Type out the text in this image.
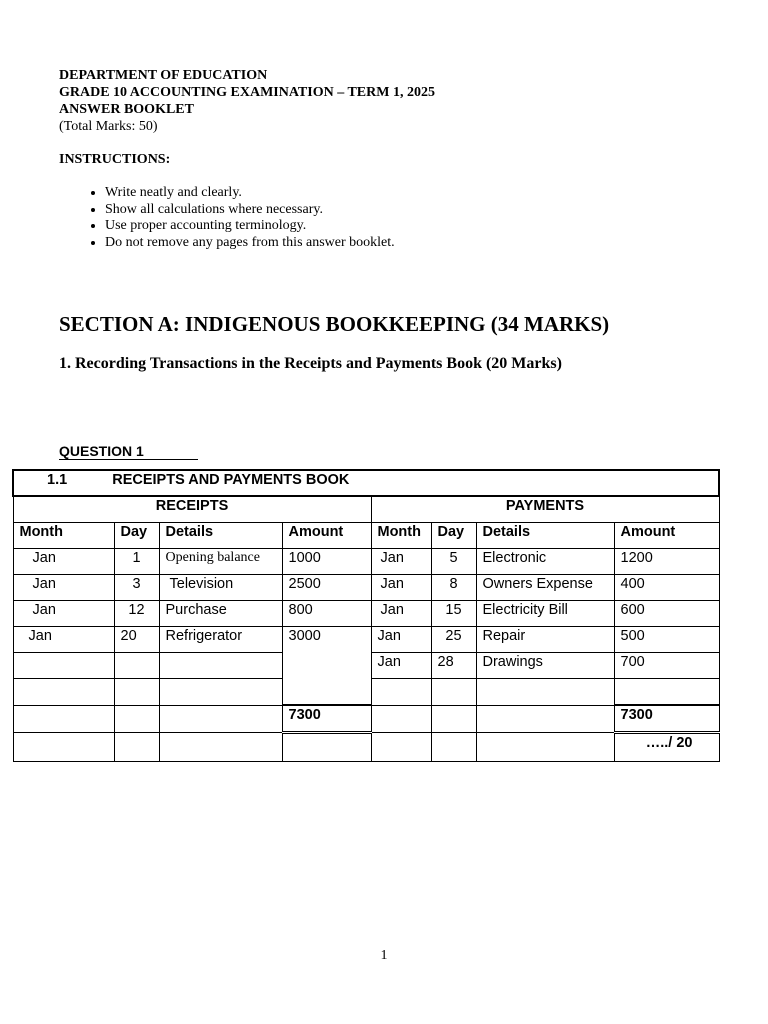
DEPARTMENT OF EDUCATION
GRADE 10 ACCOUNTING EXAMINATION – TERM 1, 2025
ANSWER BOOKLET
(Total Marks: 50)
INSTRUCTIONS:
• Write neatly and clearly.
• Show all calculations where necessary.
• Use proper accounting terminology.
• Do not remove any pages from this answer booklet.
SECTION A: INDIGENOUS BOOKKEEPING (34 MARKS)
1. Recording Transactions in the Receipts and Payments Book (20 Marks)
QUESTION 1
1.1 RECEIPTS AND PAYMENTS BOOK							
RECEIPTS				PAYMENTS			
Month	Day	Details	Amount	Month	Day	Details	Amount
Jan	1	Opening balance	1000	Jan	5	Electronic	1200
Jan	3	Television	2500	Jan	8	Owners Expense	400
Jan	12	Purchase	800	Jan	15	Electricity Bill	600
Jan	20	Refrigerator	3000	Jan	25	Repair	500
				Jan	28	Drawings	700

			7300				7300
							…../ 20
1
